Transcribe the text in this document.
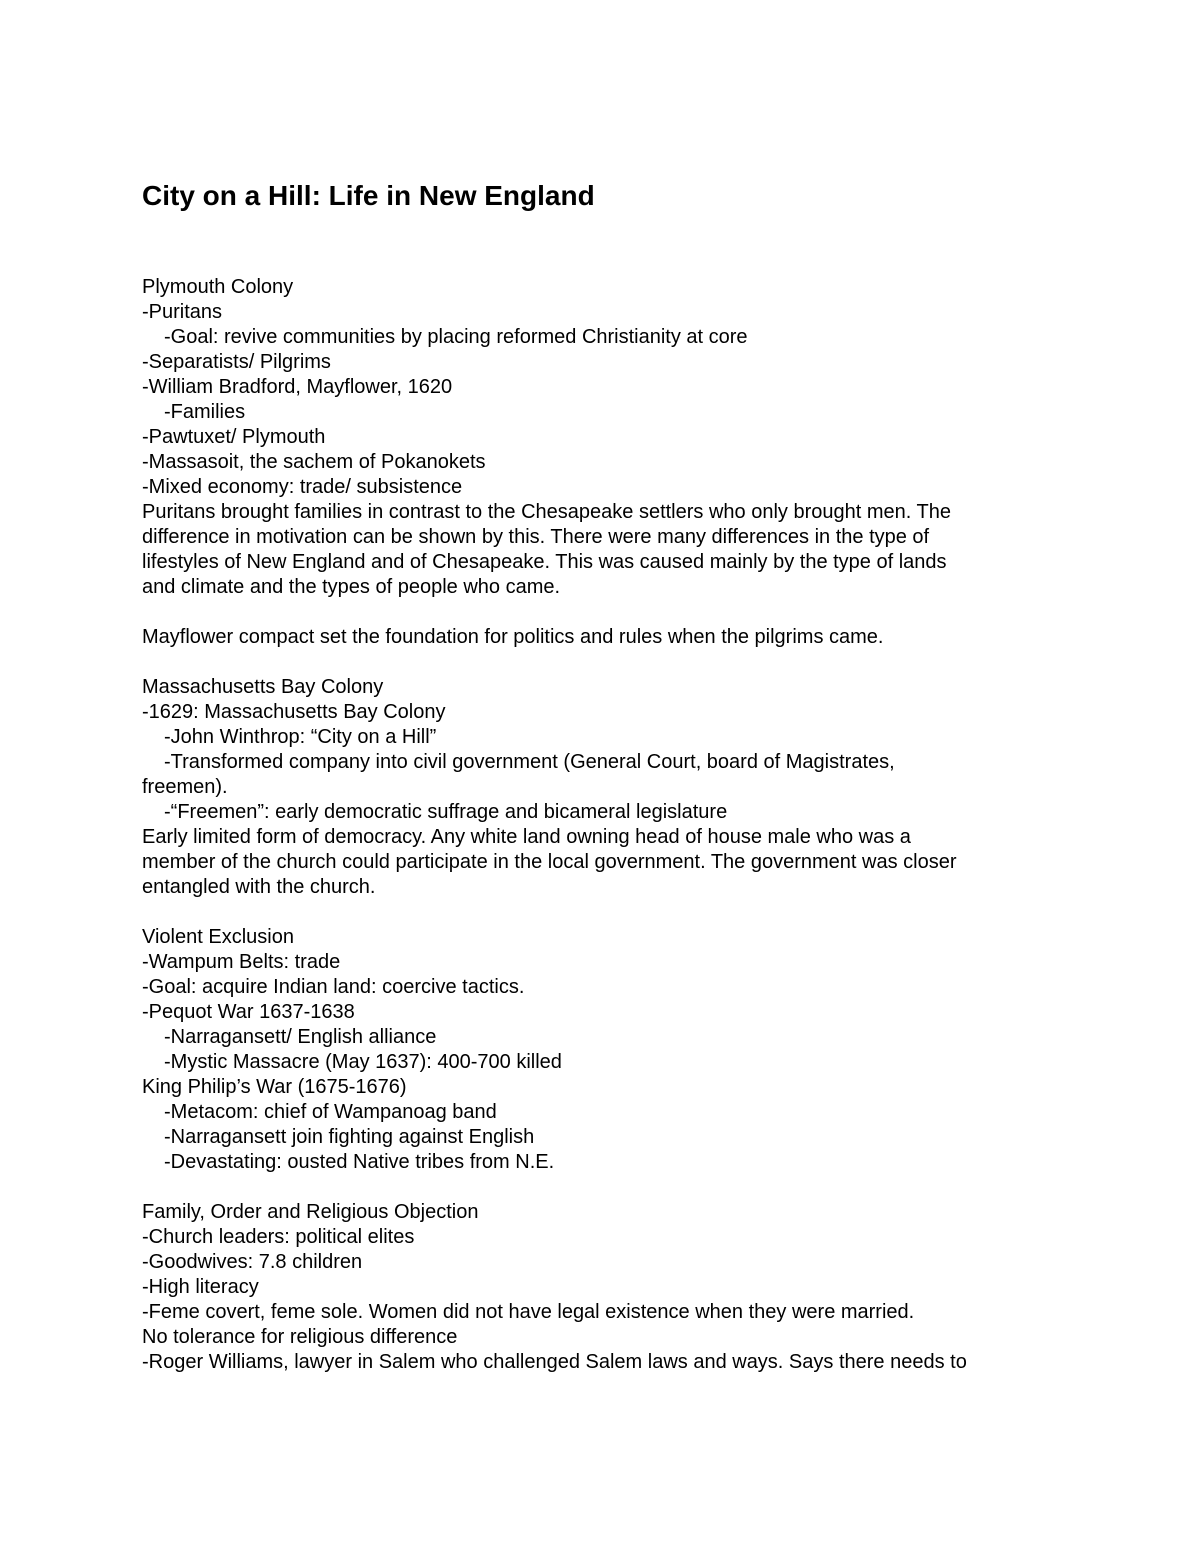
City on a Hill: Life in New England
Plymouth Colony
-Puritans
-Goal: revive communities by placing reformed Christianity at core
-Separatists/ Pilgrims
-William Bradford, Mayflower, 1620
-Families
-Pawtuxet/ Plymouth
-Massasoit, the sachem of Pokanokets
-Mixed economy: trade/ subsistence
Puritans brought families in contrast to the Chesapeake settlers who only brought men. The
difference in motivation can be shown by this. There were many differences in the type of
lifestyles of New England and of Chesapeake. This was caused mainly by the type of lands
and climate and the types of people who came.
Mayflower compact set the foundation for politics and rules when the pilgrims came.
Massachusetts Bay Colony
-1629: Massachusetts Bay Colony
-John Winthrop: “City on a Hill”
-Transformed company into civil government (General Court, board of Magistrates,
freemen).
-“Freemen”: early democratic suffrage and bicameral legislature
Early limited form of democracy. Any white land owning head of house male who was a
member of the church could participate in the local government. The government was closer
entangled with the church.
Violent Exclusion
-Wampum Belts: trade
-Goal: acquire Indian land: coercive tactics.
-Pequot War 1637-1638
-Narragansett/ English alliance
-Mystic Massacre (May 1637): 400-700 killed
King Philip’s War (1675-1676)
-Metacom: chief of Wampanoag band
-Narragansett join fighting against English
-Devastating: ousted Native tribes from N.E.
Family, Order and Religious Objection
-Church leaders: political elites
-Goodwives: 7.8 children
-High literacy
-Feme covert, feme sole. Women did not have legal existence when they were married.
No tolerance for religious difference
-Roger Williams, lawyer in Salem who challenged Salem laws and ways. Says there needs to
